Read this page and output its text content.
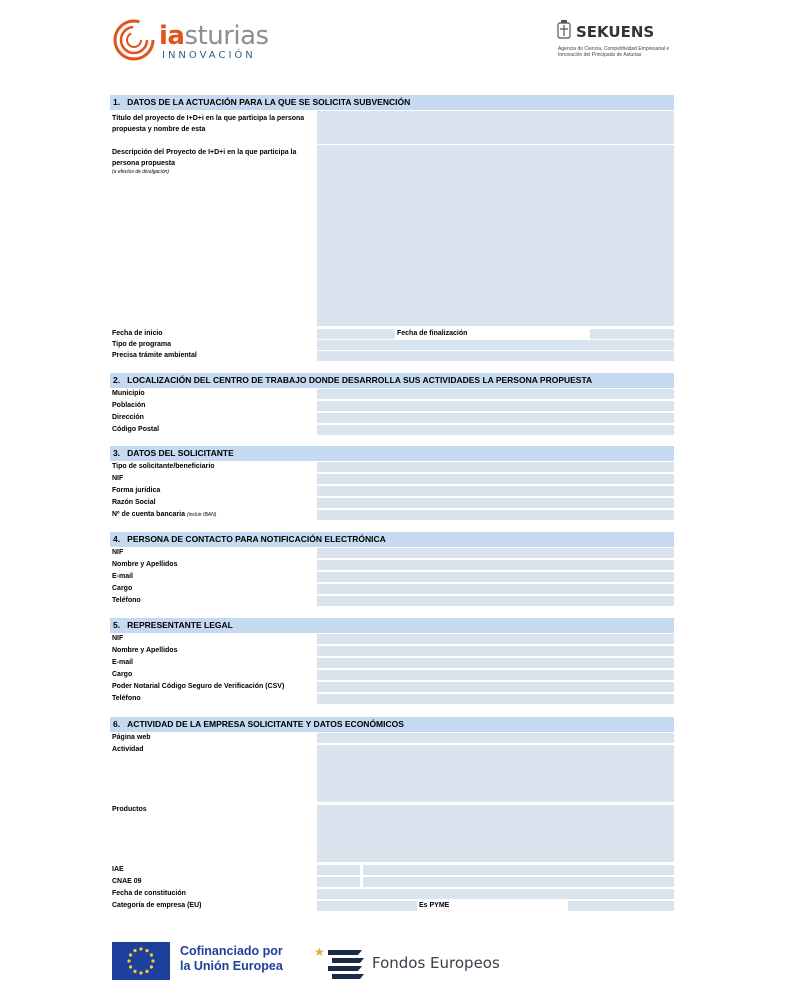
iasturias
INNOVACIÓN
SEKUENS
Agencia de Ciencia, Competitividad Empresarial e Innovación del Principado de Asturias
1.   DATOS DE LA ACTUACIÓN PARA LA QUE SE SOLICITA SUBVENCIÓN
Título del proyecto de I+D+i en la que participa la persona propuesta y nombre de esta
Descripción del Proyecto de I+D+i en la que participa la persona propuesta
(a efectos de divulgación)
Fecha de inicio	Fecha de finalización
Tipo de programa
Precisa trámite ambiental
2.   LOCALIZACIÓN DEL CENTRO DE TRABAJO DONDE DESARROLLA SUS ACTIVIDADES LA PERSONA PROPUESTA
Municipio
Población
Dirección
Código Postal
3.   DATOS DEL SOLICITANTE
Tipo de solicitante/beneficiario
NIF
Forma jurídica
Razón Social
Nº de cuenta bancaria (incluir IBAN)
4.   PERSONA DE CONTACTO PARA NOTIFICACIÓN ELECTRÓNICA
NIF
Nombre y Apellidos
E-mail
Cargo
Teléfono
5.   REPRESENTANTE LEGAL
NIF
Nombre y Apellidos
E-mail
Cargo
Poder Notarial Código Seguro de Verificación (CSV)
Teléfono
6.   ACTIVIDAD DE LA EMPRESA SOLICITANTE Y DATOS ECONÓMICOS
Página web
Actividad
Productos
IAE
CNAE 09
Fecha de constitución
Categoría de empresa (EU)	Es PYME
Cofinanciado por
la Unión Europea
★
Fondos Europeos
